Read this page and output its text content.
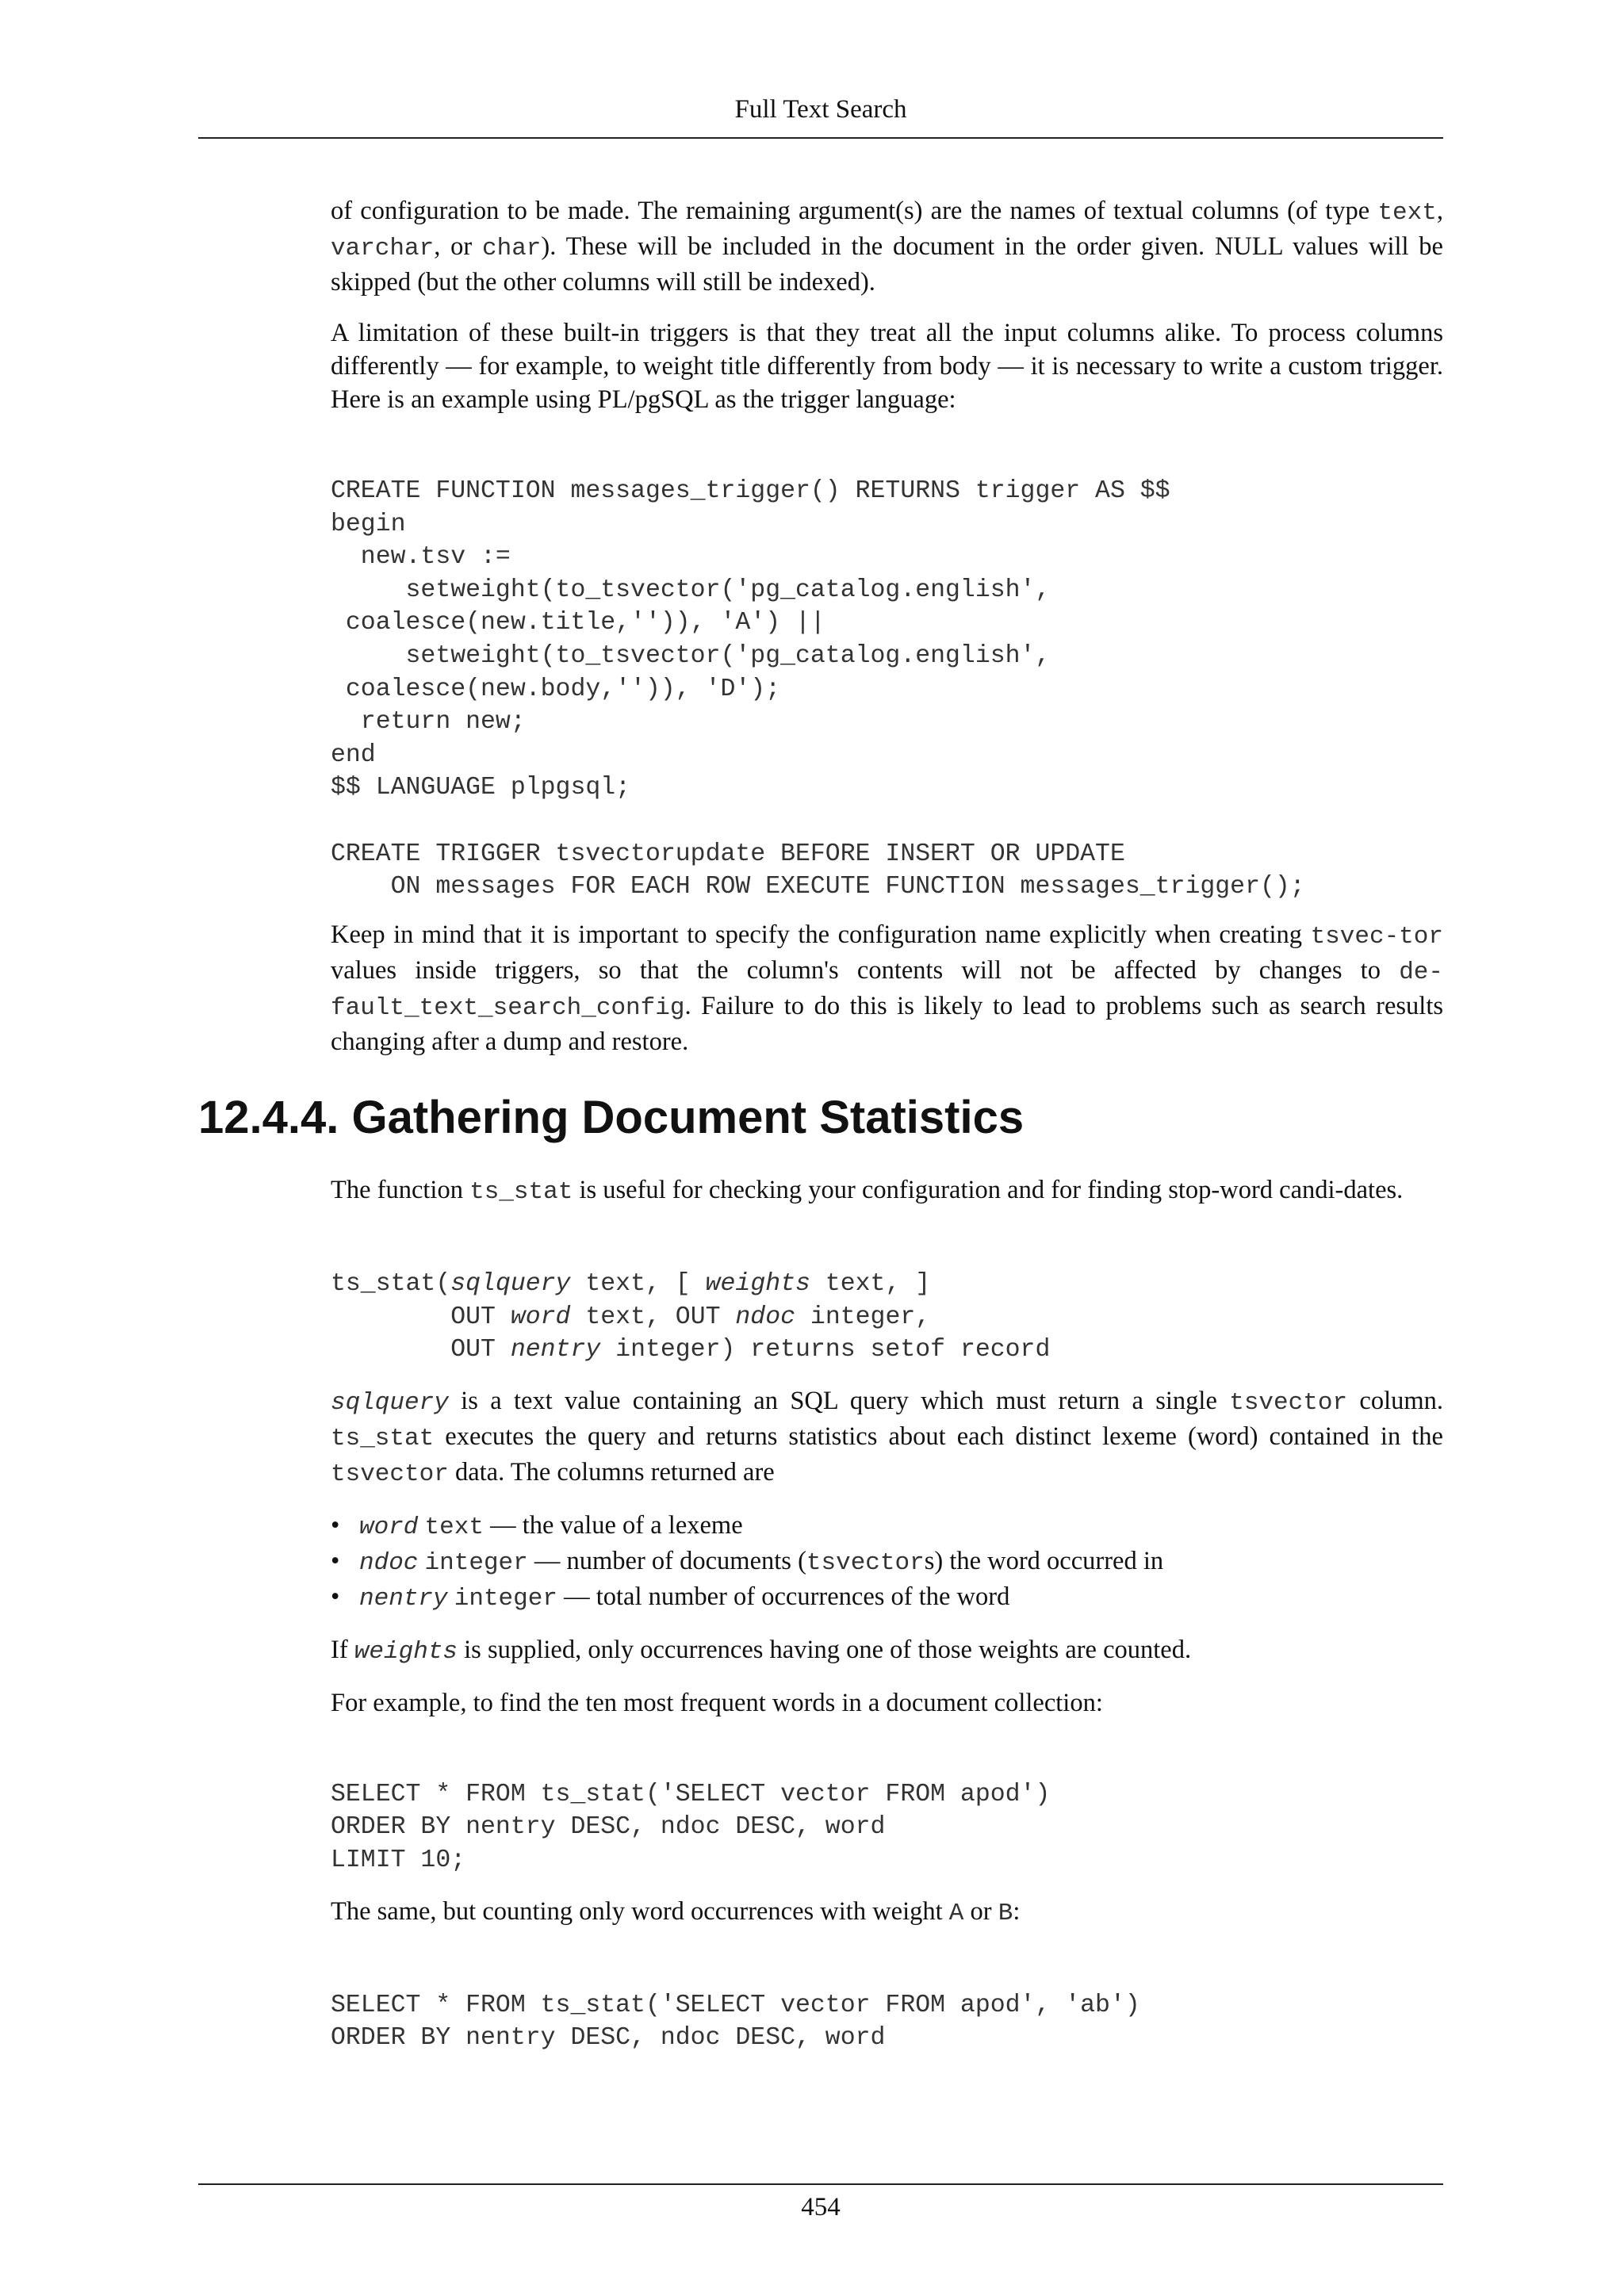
Full Text Search

of configuration to be made. The remaining argument(s) are the names of textual columns (of type text, varchar, or char). These will be included in the document in the order given. NULL values will be skipped (but the other columns will still be indexed).

A limitation of these built-in triggers is that they treat all the input columns alike. To process columns differently — for example, to weight title differently from body — it is necessary to write a custom trigger. Here is an example using PL/pgSQL as the trigger language:

CREATE FUNCTION messages_trigger() RETURNS trigger AS $$
begin
new.tsv :=
setweight(to_tsvector('pg_catalog.english',
coalesce(new.title,'')), 'A') ||
setweight(to_tsvector('pg_catalog.english',
coalesce(new.body,'')), 'D');
return new;
end
$$ LANGUAGE plpgsql;

CREATE TRIGGER tsvectorupdate BEFORE INSERT OR UPDATE
ON messages FOR EACH ROW EXECUTE FUNCTION messages_trigger();

Keep in mind that it is important to specify the configuration name explicitly when creating tsvec-tor values inside triggers, so that the column's contents will not be affected by changes to de-fault_text_search_config. Failure to do this is likely to lead to problems such as search results changing after a dump and restore.

12.4.4. Gathering Document Statistics

The function ts_stat is useful for checking your configuration and for finding stop-word candi-dates.

ts_stat(sqlquery text, [ weights text, ]
OUT word text, OUT ndoc integer,
OUT nentry integer) returns setof record

sqlquery is a text value containing an SQL query which must return a single tsvector column. ts_stat executes the query and returns statistics about each distinct lexeme (word) contained in the tsvector data. The columns returned are

• word text — the value of a lexeme
• ndoc integer — number of documents (tsvectors) the word occurred in
• nentry integer — total number of occurrences of the word

If weights is supplied, only occurrences having one of those weights are counted.

For example, to find the ten most frequent words in a document collection:

SELECT * FROM ts_stat('SELECT vector FROM apod')
ORDER BY nentry DESC, ndoc DESC, word
LIMIT 10;

The same, but counting only word occurrences with weight A or B:

SELECT * FROM ts_stat('SELECT vector FROM apod', 'ab')
ORDER BY nentry DESC, ndoc DESC, word
454
